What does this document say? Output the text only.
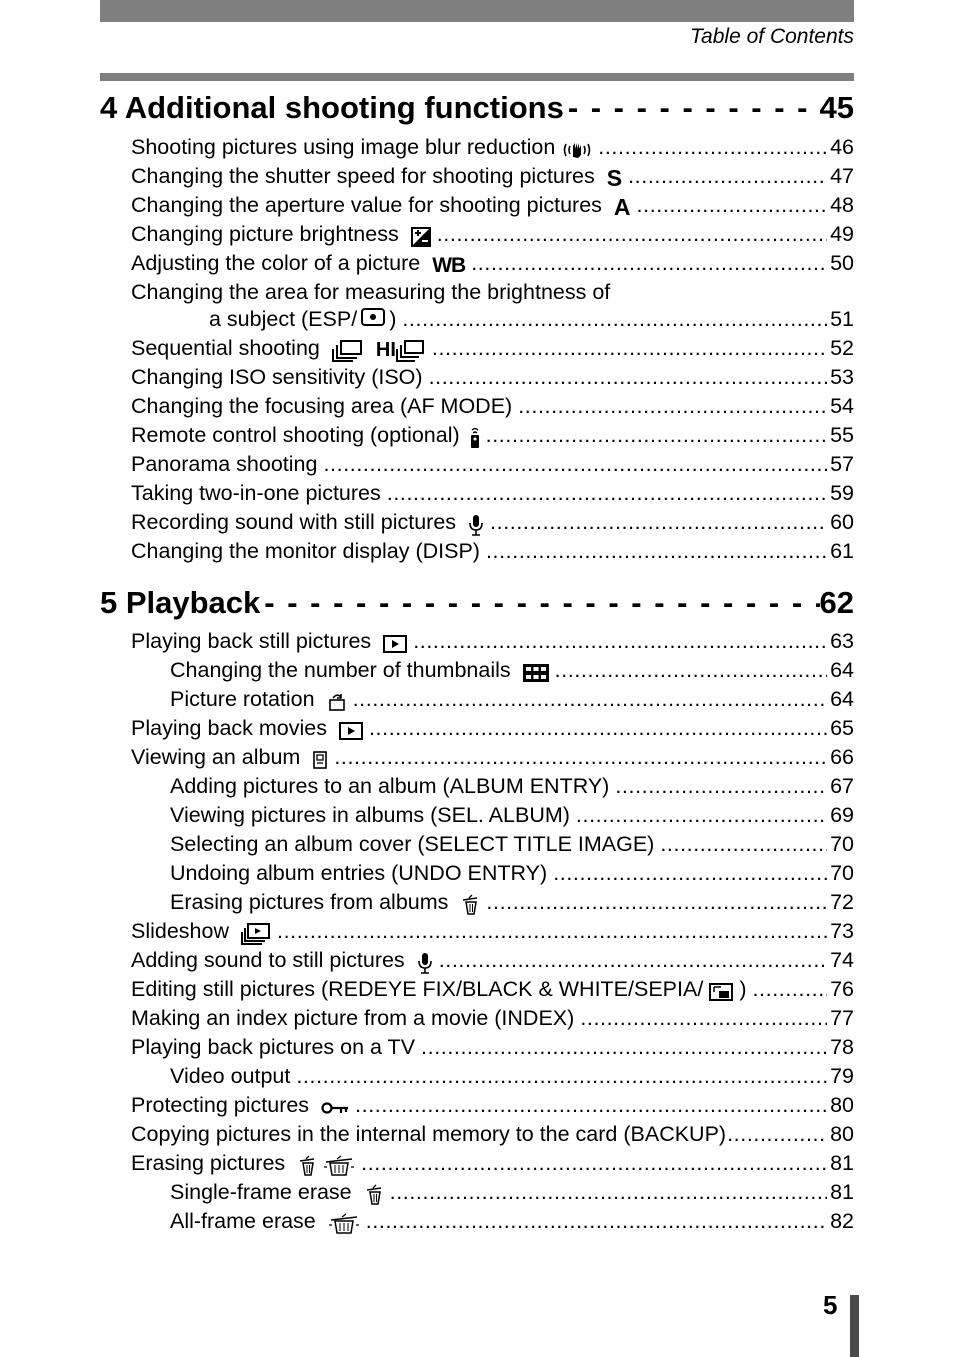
Table of Contents
4 Additional shooting functions - - -	45
Shooting pictures using image blur reduction .....	46
Changing the shutter speed for shooting pictures S .....	47
Changing the aperture value for shooting pictures A .....	48
Changing picture brightness .....	49
Adjusting the color of a picture WB .....	50
Changing the area for measuring the brightness of
a subject (ESP/ ) .....	51
Sequential shooting	HI .....	52
Changing ISO sensitivity (ISO) .....	53
Changing the focusing area (AF MODE) .....	54
Remote control shooting (optional) .....	55
Panorama shooting .....	57
Taking two-in-one pictures .....	59
Recording sound with still pictures .....	60
Changing the monitor display (DISP) .....	61
5 Playback - - -	62
Playing back still pictures .....	63
Changing the number of thumbnails .....	64
Picture rotation .....	64
Playing back movies .....	65
Viewing an album .....	66
Adding pictures to an album (ALBUM ENTRY) .....	67
Viewing pictures in albums (SEL. ALBUM) .....	69
Selecting an album cover (SELECT TITLE IMAGE) .....	70
Undoing album entries (UNDO ENTRY) .....	70
Erasing pictures from albums .....	72
Slideshow .....	73
Adding sound to still pictures .....	74
Editing still pictures (REDEYE FIX/BLACK & WHITE/SEPIA/ ) .....	76
Making an index picture from a movie (INDEX) .....	77
Playing back pictures on a TV .....	78
Video output .....	79
Protecting pictures .....	80
Copying pictures in the internal memory to the card (BACKUP) .....	80
Erasing pictures .....	81
Single-frame erase .....	81
All-frame erase .....	82
5
